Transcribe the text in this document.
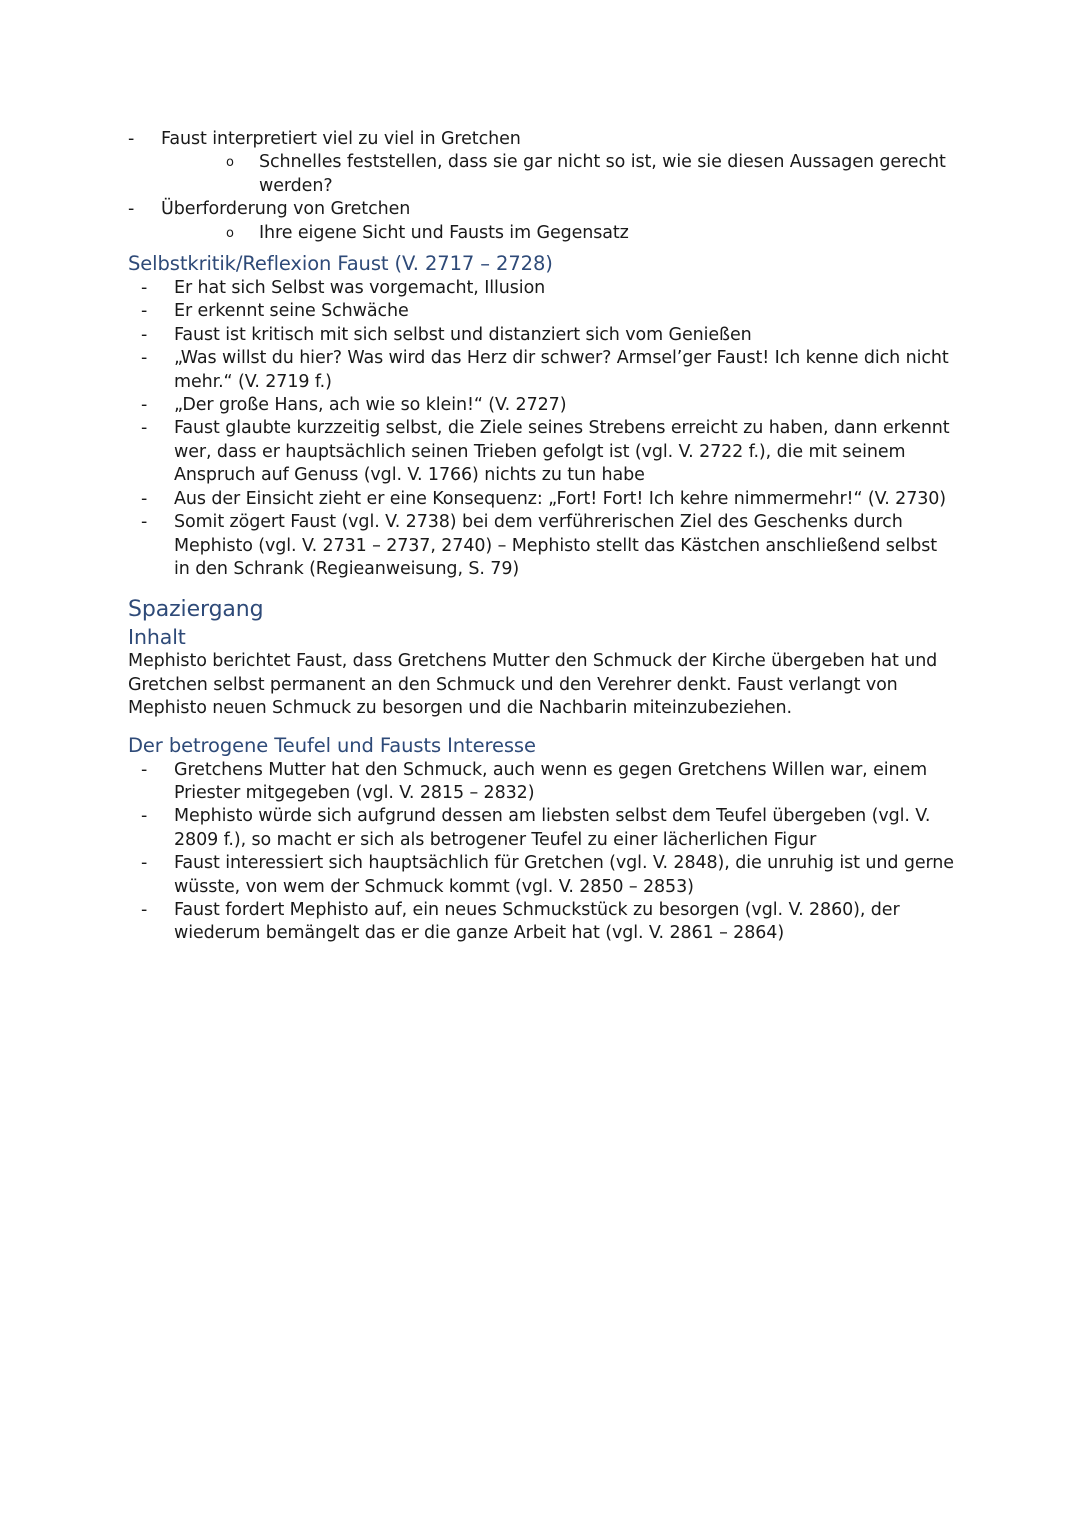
- Faust interpretiert viel zu viel in Gretchen
o Schnelles feststellen, dass sie gar nicht so ist, wie sie diesen Aussagen gerecht werden?
- Überforderung von Gretchen
o Ihre eigene Sicht und Fausts im Gegensatz
Selbstkritik/Reflexion Faust (V. 2717 – 2728)
- Er hat sich Selbst was vorgemacht, Illusion
- Er erkennt seine Schwäche
- Faust ist kritisch mit sich selbst und distanziert sich vom Genießen
- „Was willst du hier? Was wird das Herz dir schwer? Armsel’ger Faust! Ich kenne dich nicht mehr.“ (V. 2719 f.)
- „Der große Hans, ach wie so klein!“ (V. 2727)
- Faust glaubte kurzzeitig selbst, die Ziele seines Strebens erreicht zu haben, dann erkennt wer, dass er hauptsächlich seinen Trieben gefolgt ist (vgl. V. 2722 f.), die mit seinem Anspruch auf Genuss (vgl. V. 1766) nichts zu tun habe
- Aus der Einsicht zieht er eine Konsequenz: „Fort! Fort! Ich kehre nimmermehr!“ (V. 2730)
- Somit zögert Faust (vgl. V. 2738) bei dem verführerischen Ziel des Geschenks durch Mephisto (vgl. V. 2731 – 2737, 2740) – Mephisto stellt das Kästchen anschließend selbst in den Schrank (Regieanweisung, S. 79)
Spaziergang
Inhalt
Mephisto berichtet Faust, dass Gretchens Mutter den Schmuck der Kirche übergeben hat und Gretchen selbst permanent an den Schmuck und den Verehrer denkt. Faust verlangt von Mephisto neuen Schmuck zu besorgen und die Nachbarin miteinzubeziehen.
Der betrogene Teufel und Fausts Interesse
- Gretchens Mutter hat den Schmuck, auch wenn es gegen Gretchens Willen war, einem Priester mitgegeben (vgl. V. 2815 – 2832)
- Mephisto würde sich aufgrund dessen am liebsten selbst dem Teufel übergeben (vgl. V. 2809 f.), so macht er sich als betrogener Teufel zu einer lächerlichen Figur
- Faust interessiert sich hauptsächlich für Gretchen (vgl. V. 2848), die unruhig ist und gerne wüsste, von wem der Schmuck kommt (vgl. V. 2850 – 2853)
- Faust fordert Mephisto auf, ein neues Schmuckstück zu besorgen (vgl. V. 2860), der wiederum bemängelt das er die ganze Arbeit hat (vgl. V. 2861 – 2864)
